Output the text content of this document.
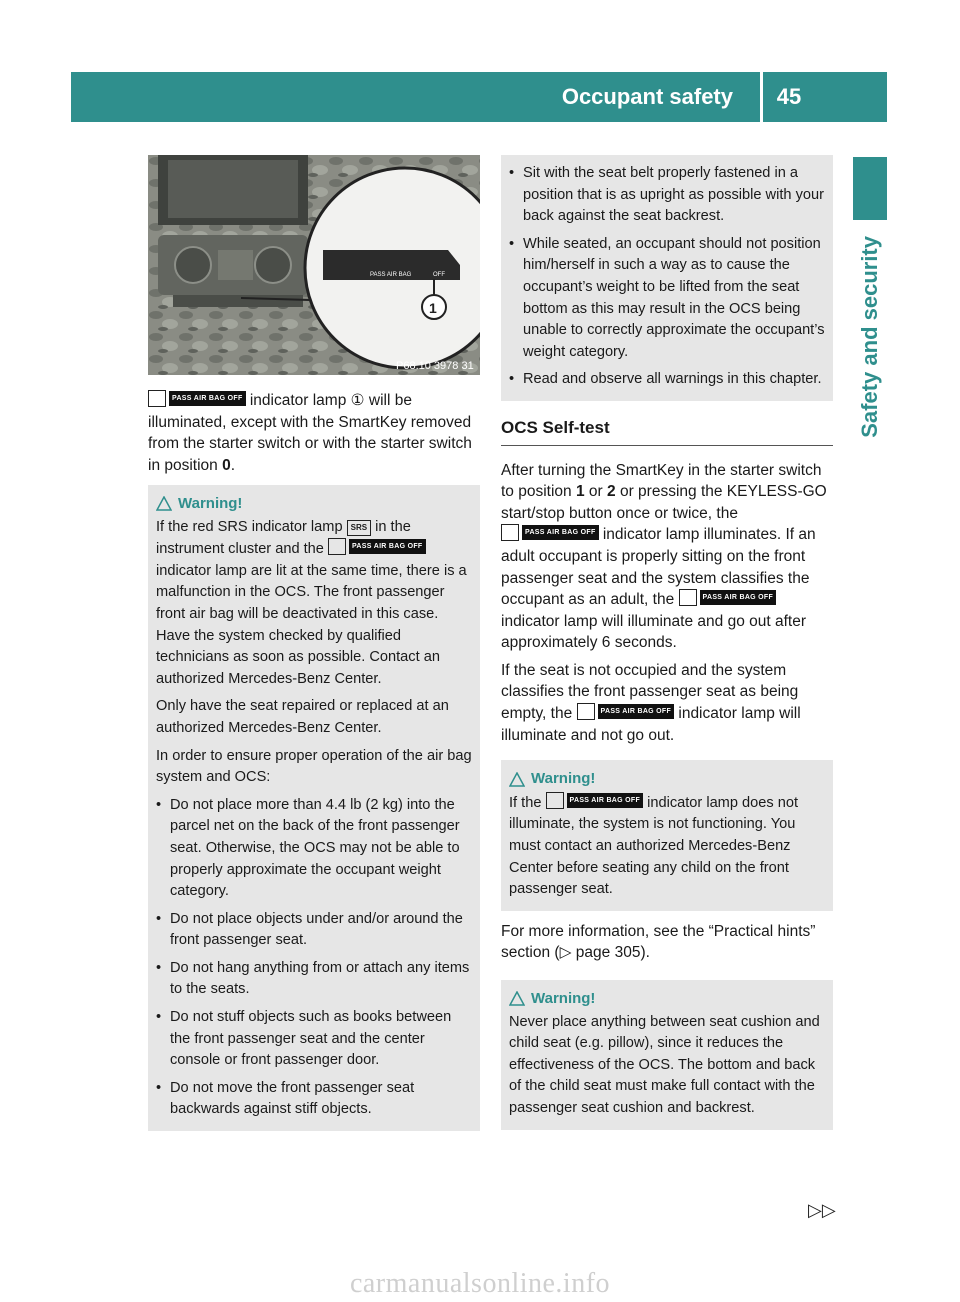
Occupant safety	45
Safety and security
PASS AIR BAG	OFF
1
P68.10 3978 31

PASS AIR BAG OFF indicator lamp ① will be illuminated, except with the SmartKey removed from the starter switch or with the starter switch in position 0.

Warning!

If the red SRS indicator lamp SRS in the instrument cluster and the	PASS AIR BAG OFF
indicator lamp are lit at the same time, there is a malfunction in the OCS. The front passenger front air bag will be deactivated in this case. Have the system checked by qualified technicians as soon as possible. Contact an authorized Mercedes-Benz Center.

Only have the seat repaired or replaced at an authorized Mercedes-Benz Center.

In order to ensure proper operation of the air bag system and OCS:

• Do not place more than 4.4 lb (2 kg) into the parcel net on the back of the front passenger seat. Otherwise, the OCS may not be able to properly approximate the occupant weight category.
• Do not place objects under and/or around the front passenger seat.
• Do not hang anything from or attach any items to the seats.
• Do not stuff objects such as books between the front passenger seat and the center console or front passenger door.
• Do not move the front passenger seat backwards against stiff objects.
• Sit with the seat belt properly fastened in a position that is as upright as possible with your back against the seat backrest.
• While seated, an occupant should not position him/herself in such a way as to cause the occupant’s weight to be lifted from the seat bottom as this may result in the OCS being unable to correctly approximate the occupant’s weight category.
• Read and observe all warnings in this chapter.
OCS Self-test

After turning the SmartKey in the starter switch to position 1 or 2 or pressing the KEYLESS-GO start/stop button once or twice, the
PASS AIR BAG OFF indicator lamp illuminates. If an adult occupant is properly sitting on the front passenger seat and the system classifies the occupant as an adult, the	PASS AIR BAG OFF
indicator lamp will illuminate and go out after approximately 6 seconds.

If the seat is not occupied and the system classifies the front passenger seat as being empty, the	PASS AIR BAG OFF indicator lamp will illuminate and not go out.

Warning!

If the	PASS AIR BAG OFF indicator lamp does not illuminate, the system is not functioning. You must contact an authorized Mercedes-Benz Center before seating any child on the front passenger seat.

For more information, see the “Practical hints” section (▷ page 305).

Warning!

Never place anything between seat cushion and child seat (e.g. pillow), since it reduces the effectiveness of the OCS. The bottom and back of the child seat must make full contact with the passenger seat cushion and backrest.

▷▷
carmanualsonline.info
